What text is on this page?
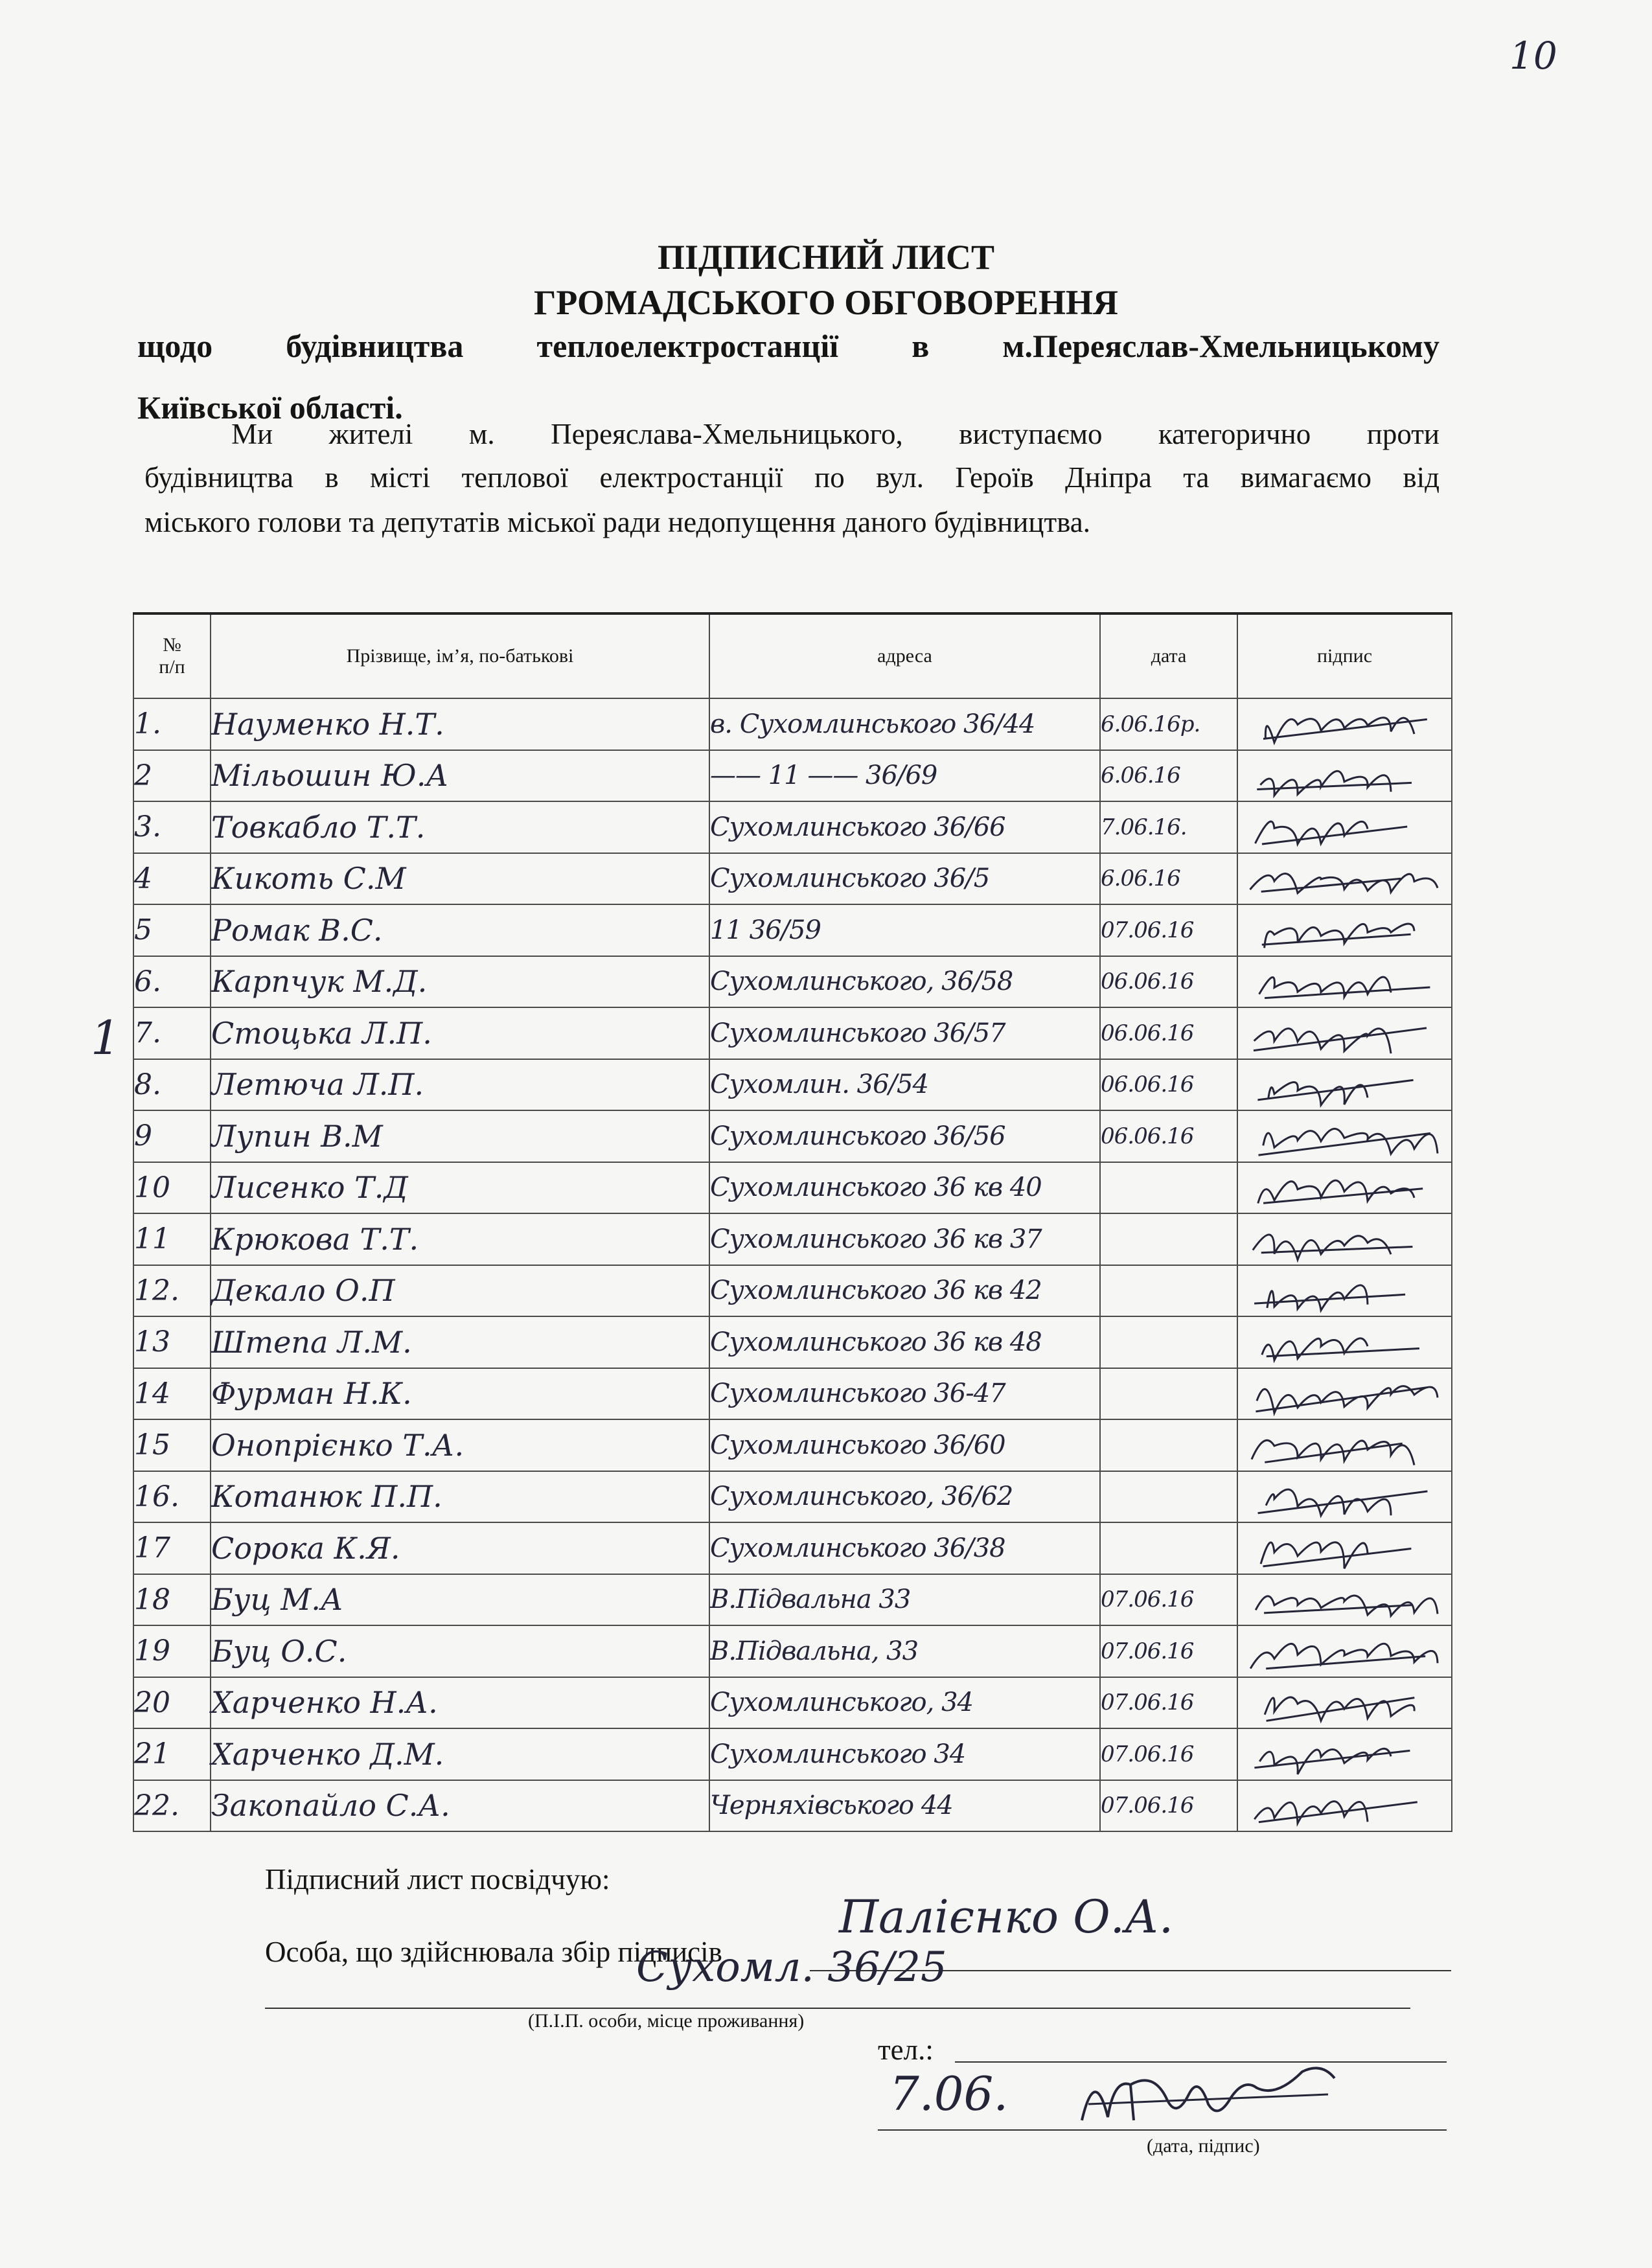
10
ПІДПИСНИЙ ЛИСТ
ГРОМАДСЬКОГО ОБГОВОРЕННЯ
щодо будівництва теплоелектростанції в м.Переяслав-Хмельницькому
Київської області.
Ми жителі м. Переяслава-Хмельницького, виступаємо категорично проти
будівництва в місті теплової електростанції по вул. Героїв Дніпра та вимагаємо від
міського голови та депутатів міської ради недопущення даного будівництва.
1
№
п/п	Прізвище, ім’я, по-батькові	адреса	дата	підпис
1.	Науменко Н.Т.	в. Сухомлинського 36/44	6.06.16р.	

2	Мільошин Ю.А	—— 11 —— 36/69	6.06.16	

3.	Товкабло Т.Т.	Сухомлинського 36/66	7.06.16.	

4	Кикоть С.М	Сухомлинського 36/5	6.06.16	

5	Ромак В.С.	11 36/59	07.06.16	

6.	Карпчук М.Д.	Сухомлинського, 36/58	06.06.16	

7.	Стоцька Л.П.	Сухомлинського 36/57	06.06.16	

8.	Летюча Л.П.	Сухомлин. 36/54	06.06.16	

9	Лупин В.М	Сухомлинського 36/56	06.06.16	

10	Лисенко Т.Д	Сухомлинського 36 кв 40		

11	Крюкова Т.Т.	Сухомлинського 36 кв 37		

12.	Декало О.П	Сухомлинського 36 кв 42		

13	Штепа Л.М.	Сухомлинського 36 кв 48		

14	Фурман Н.К.	Сухомлинського 36-47		

15	Онопрієнко Т.А.	Сухомлинського 36/60		

16.	Котанюк П.П.	Сухомлинського, 36/62		

17	Сорока К.Я.	Сухомлинського 36/38		

18	Буц М.А	В.Підвальна 33	07.06.16	

19	Буц О.С.	В.Підвальна, 33	07.06.16	

20	Харченко Н.А.	Сухомлинського, 34	07.06.16	

21	Харченко Д.М.	Сухомлинського 34	07.06.16	

22.	Закопайло С.А.	Черняхівського 44	07.06.16	
Підписний лист посвідчую:
Особа, що здійснювала збір підписів
Палієнко О.А.
Сухомл. 36/25
(П.І.П. особи, місце проживання)
тел.:
7.06.
(дата, підпис)
